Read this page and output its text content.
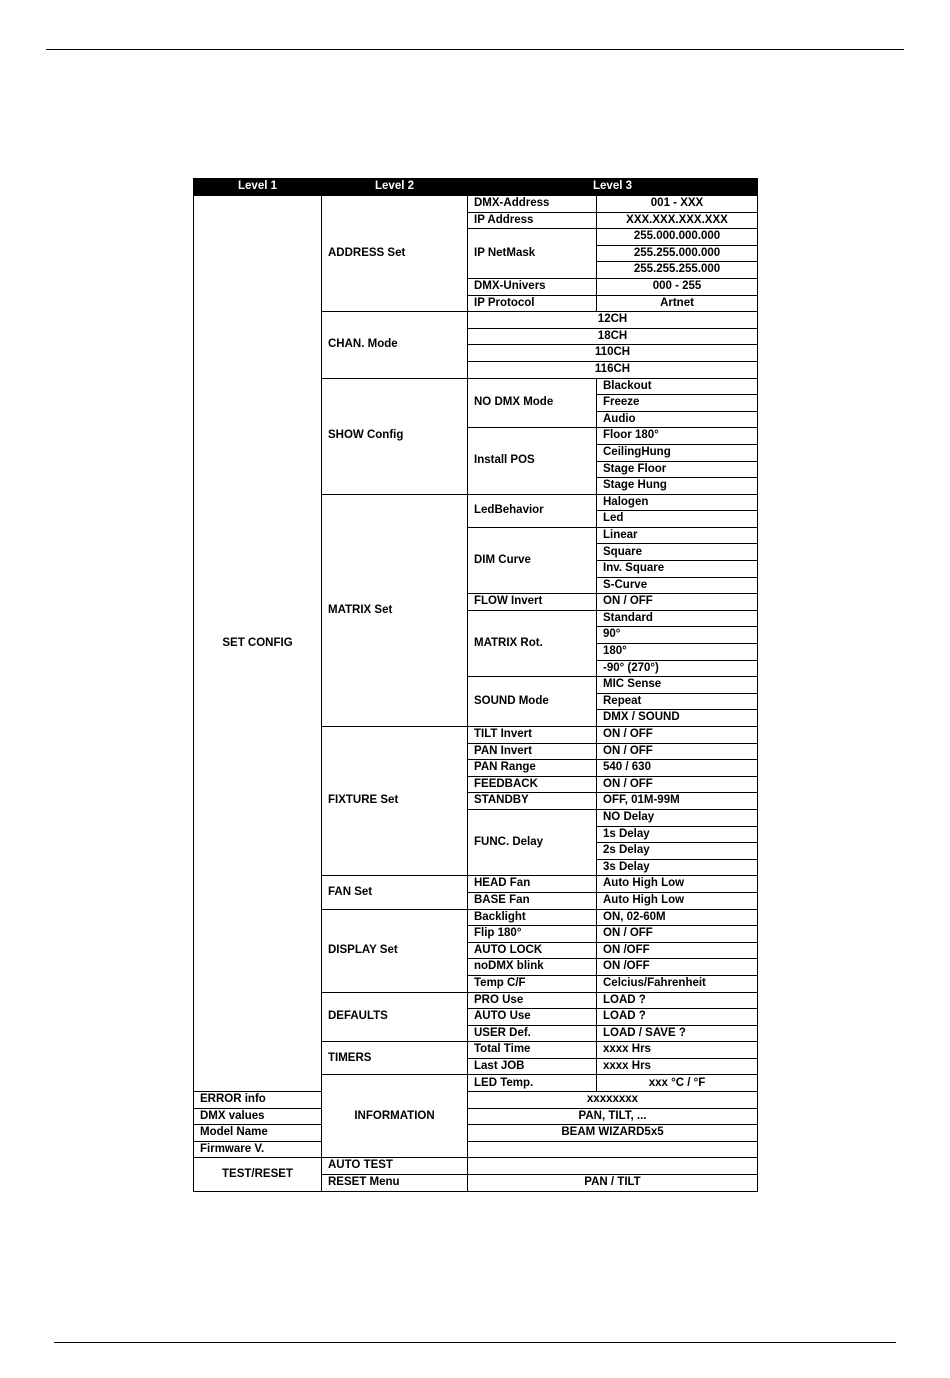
Level 1	Level 2	Level 3	
SET CONFIG	ADDRESS Set	DMX-Address	001 - XXX
		IP Address	XXX.XXX.XXX.XXX
		IP NetMask	255.000.000.000
			255.255.000.000
			255.255.255.000
		DMX-Univers	000 - 255
		IP Protocol	Artnet
	CHAN. Mode	12CH	
		18CH	
		110CH	
		116CH	
	SHOW Config	NO DMX Mode	Blackout
			Freeze
			Audio
		Install POS	Floor 180°
			CeilingHung
			Stage Floor
			Stage Hung
	MATRIX Set	LedBehavior	Halogen
			Led
		DIM Curve	Linear
			Square
			Inv. Square
			S-Curve
		FLOW Invert	ON / OFF
		MATRIX Rot.	Standard
			90°
			180°
			-90° (270°)
		SOUND Mode	MIC Sense
			Repeat
			DMX / SOUND
	FIXTURE Set	TILT Invert	ON / OFF
		PAN Invert	ON / OFF
		PAN Range	540 / 630
		FEEDBACK	ON / OFF
		STANDBY	OFF, 01M-99M
		FUNC. Delay	NO Delay
			1s Delay
			2s Delay
			3s Delay
	FAN Set	HEAD Fan	Auto High Low
		BASE Fan	Auto High Low
	DISPLAY Set	Backlight	ON, 02-60M
		Flip 180°	ON / OFF
		AUTO LOCK	ON /OFF
		noDMX blink	ON /OFF
		Temp C/F	Celcius/Fahrenheit
	DEFAULTS	PRO Use	LOAD ?
		AUTO Use	LOAD ?
		USER Def.	LOAD / SAVE ?
	TIMERS	Total Time	xxxx Hrs
		Last JOB	xxxx Hrs
	INFORMATION	LED Temp.	xxx °C / °F
ERROR info		xxxxxxxx	
DMX values		PAN, TILT, ...	
Model Name		BEAM WIZARD5x5	
Firmware V.			
TEST/RESET	AUTO TEST		
	RESET Menu	PAN / TILT	
